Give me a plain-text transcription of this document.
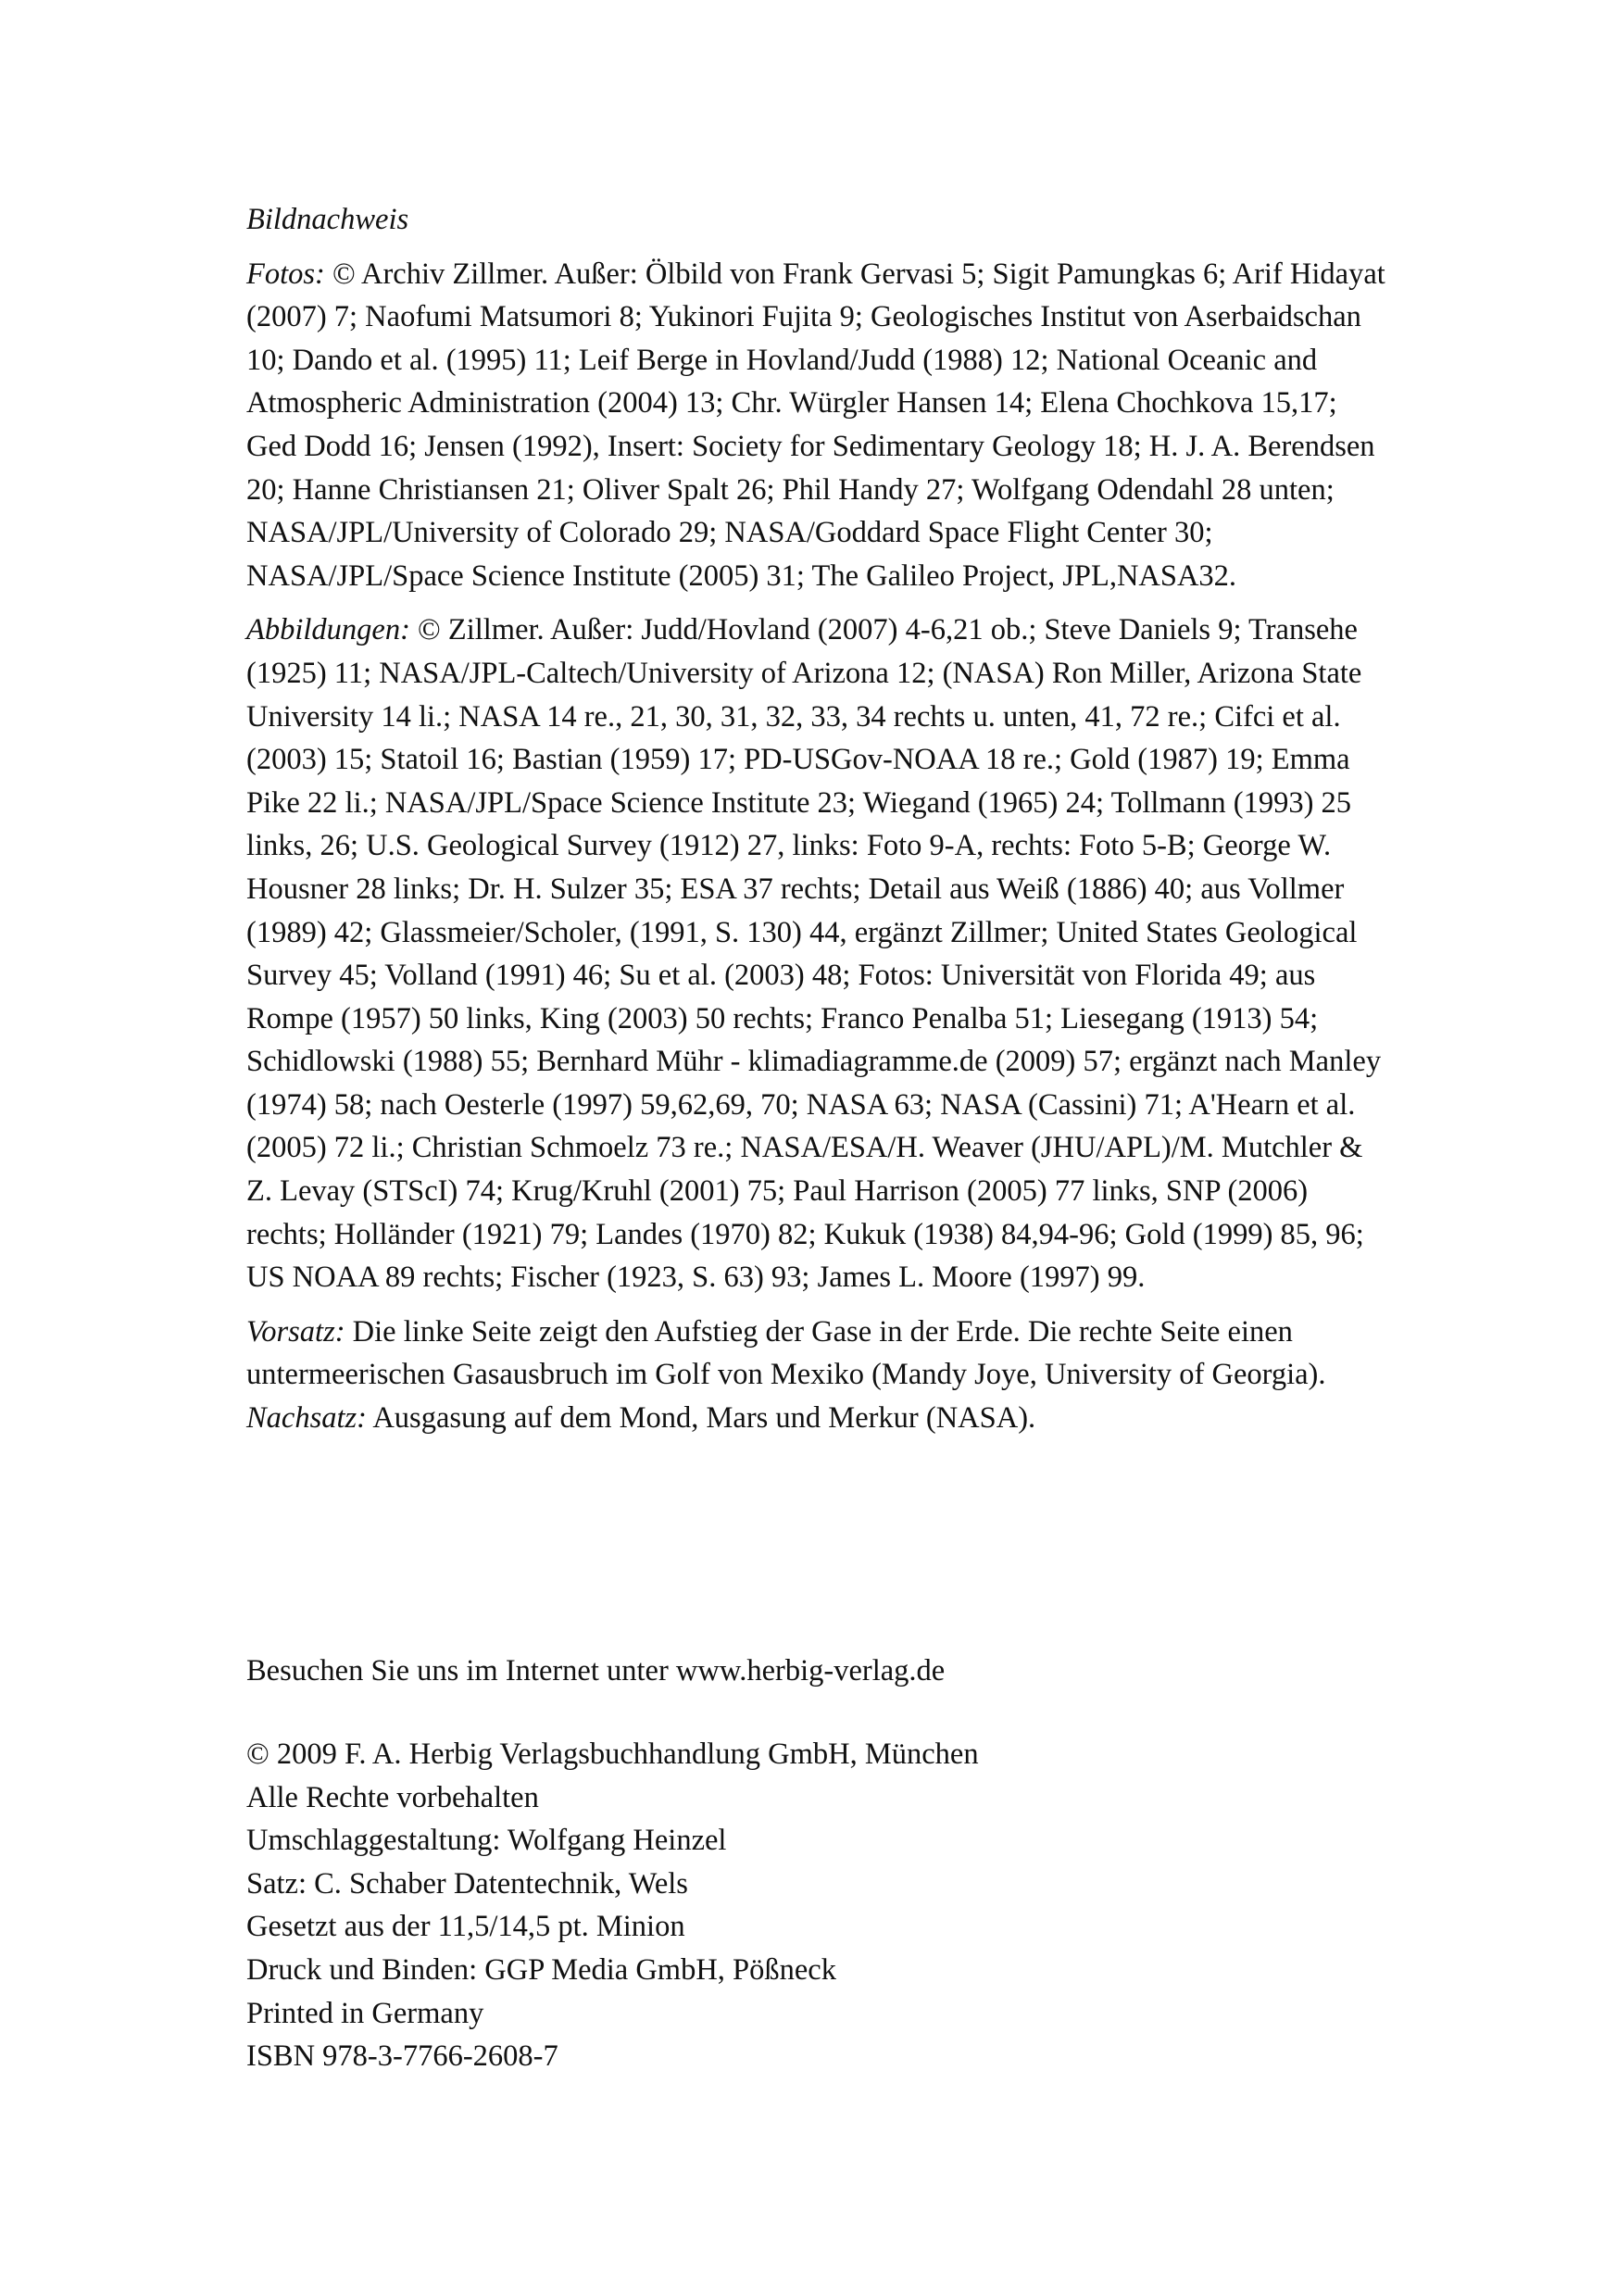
Bildnachweis

Fotos: © Archiv Zillmer. Außer: Ölbild von Frank Gervasi 5; Sigit Pamungkas 6; Arif Hidayat (2007) 7; Naofumi Matsumori 8; Yukinori Fujita 9; Geologisches Institut von Aserbaidschan 10; Dando et al. (1995) 11; Leif Berge in Hovland/Judd (1988) 12; National Oceanic and Atmospheric Administration (2004) 13; Chr. Würgler Hansen 14; Elena Chochkova 15,17; Ged Dodd 16; Jensen (1992), Insert: Society for Sedimentary Geology 18; H. J. A. Berendsen 20; Hanne Christiansen 21; Oliver Spalt 26; Phil Handy 27; Wolfgang Odendahl 28 unten; NASA/JPL/University of Colorado 29; NASA/Goddard Space Flight Center 30; NASA/JPL/Space Science Institute (2005) 31; The Galileo Project, JPL,NASA32.

Abbildungen: © Zillmer. Außer: Judd/Hovland (2007) 4-6,21 ob.; Steve Daniels 9; Transehe (1925) 11; NASA/JPL-Caltech/University of Arizona 12; (NASA) Ron Miller, Arizona State University 14 li.; NASA 14 re., 21, 30, 31, 32, 33, 34 rechts u. unten, 41, 72 re.; Cifci et al. (2003) 15; Statoil 16; Bastian (1959) 17; PD-USGov-NOAA 18 re.; Gold (1987) 19; Emma Pike 22 li.; NASA/JPL/Space Science Institute 23; Wiegand (1965) 24; Tollmann (1993) 25 links, 26; U.S. Geological Survey (1912) 27, links: Foto 9-A, rechts: Foto 5-B; George W. Housner 28 links; Dr. H. Sulzer 35; ESA 37 rechts; Detail aus Weiß (1886) 40; aus Vollmer (1989) 42; Glassmeier/Scholer, (1991, S. 130) 44, ergänzt Zillmer; United States Geological Survey 45; Volland (1991) 46; Su et al. (2003) 48; Fotos: Universität von Florida 49; aus Rompe (1957) 50 links, King (2003) 50 rechts; Franco Penalba 51; Liesegang (1913) 54; Schidlowski (1988) 55; Bernhard Mühr - klimadiagramme.de (2009) 57; ergänzt nach Manley (1974) 58; nach Oesterle (1997) 59,62,69, 70; NASA 63; NASA (Cassini) 71; A'Hearn et al. (2005) 72 li.; Christian Schmoelz 73 re.; NASA/ESA/H. Weaver (JHU/APL)/M. Mutchler & Z. Levay (STScI) 74; Krug/Kruhl (2001) 75; Paul Harrison (2005) 77 links, SNP (2006) rechts; Holländer (1921) 79; Landes (1970) 82; Kukuk (1938) 84,94-96; Gold (1999) 85, 96; US NOAA 89 rechts; Fischer (1923, S. 63) 93; James L. Moore (1997) 99.

Vorsatz: Die linke Seite zeigt den Aufstieg der Gase in der Erde. Die rechte Seite einen untermeerischen Gasausbruch im Golf von Mexiko (Mandy Joye, University of Georgia).
Nachsatz: Ausgasung auf dem Mond, Mars und Merkur (NASA).

Besuchen Sie uns im Internet unter www.herbig-verlag.de

© 2009 F. A. Herbig Verlagsbuchhandlung GmbH, München
Alle Rechte vorbehalten
Umschlaggestaltung: Wolfgang Heinzel
Satz: C. Schaber Datentechnik, Wels
Gesetzt aus der 11,5/14,5 pt. Minion
Druck und Binden: GGP Media GmbH, Pößneck
Printed in Germany
ISBN 978-3-7766-2608-7
